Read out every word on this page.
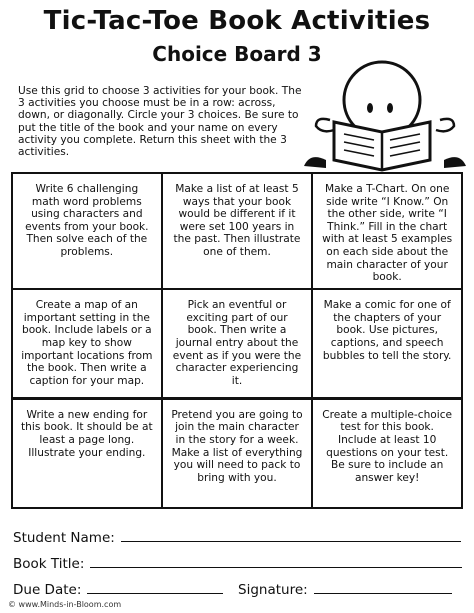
Tic-Tac-Toe Book Activities
Choice Board 3
Use this grid to choose 3 activities for your book. The 3 activities you choose must be in a row: across, down, or diagonally. Circle your 3 choices. Be sure to put the title of the book and your name on every activity you complete. Return this sheet with the 3 activities.
Write 6 challenging math word problems using characters and events from your book. Then solve each of the problems.
Make a list of at least 5 ways that your book would be different if it were set 100 years in the past. Then illustrate one of them.
Make a T-Chart. On one side write “I Know.” On the other side, write “I Think.” Fill in the chart with at least 5 examples on each side about the main character of your book.
Create a map of an important setting in the book. Include labels or a map key to show important locations from the book. Then write a caption for your map.
Pick an eventful or exciting part of our book. Then write a journal entry about the event as if you were the character experiencing it.
Make a comic for one of the chapters of your book. Use pictures, captions, and speech bubbles to tell the story.
Write a new ending for this book. It should be at least a page long. Illustrate your ending.
Pretend you are going to join the main character in the story for a week. Make a list of everything you will need to pack to bring with you.
Create a multiple-choice test for this book. Include at least 10 questions on your test. Be sure to include an answer key!
Student Name:
Book Title:
Due Date:	Signature:
© www.Minds-in-Bloom.com
